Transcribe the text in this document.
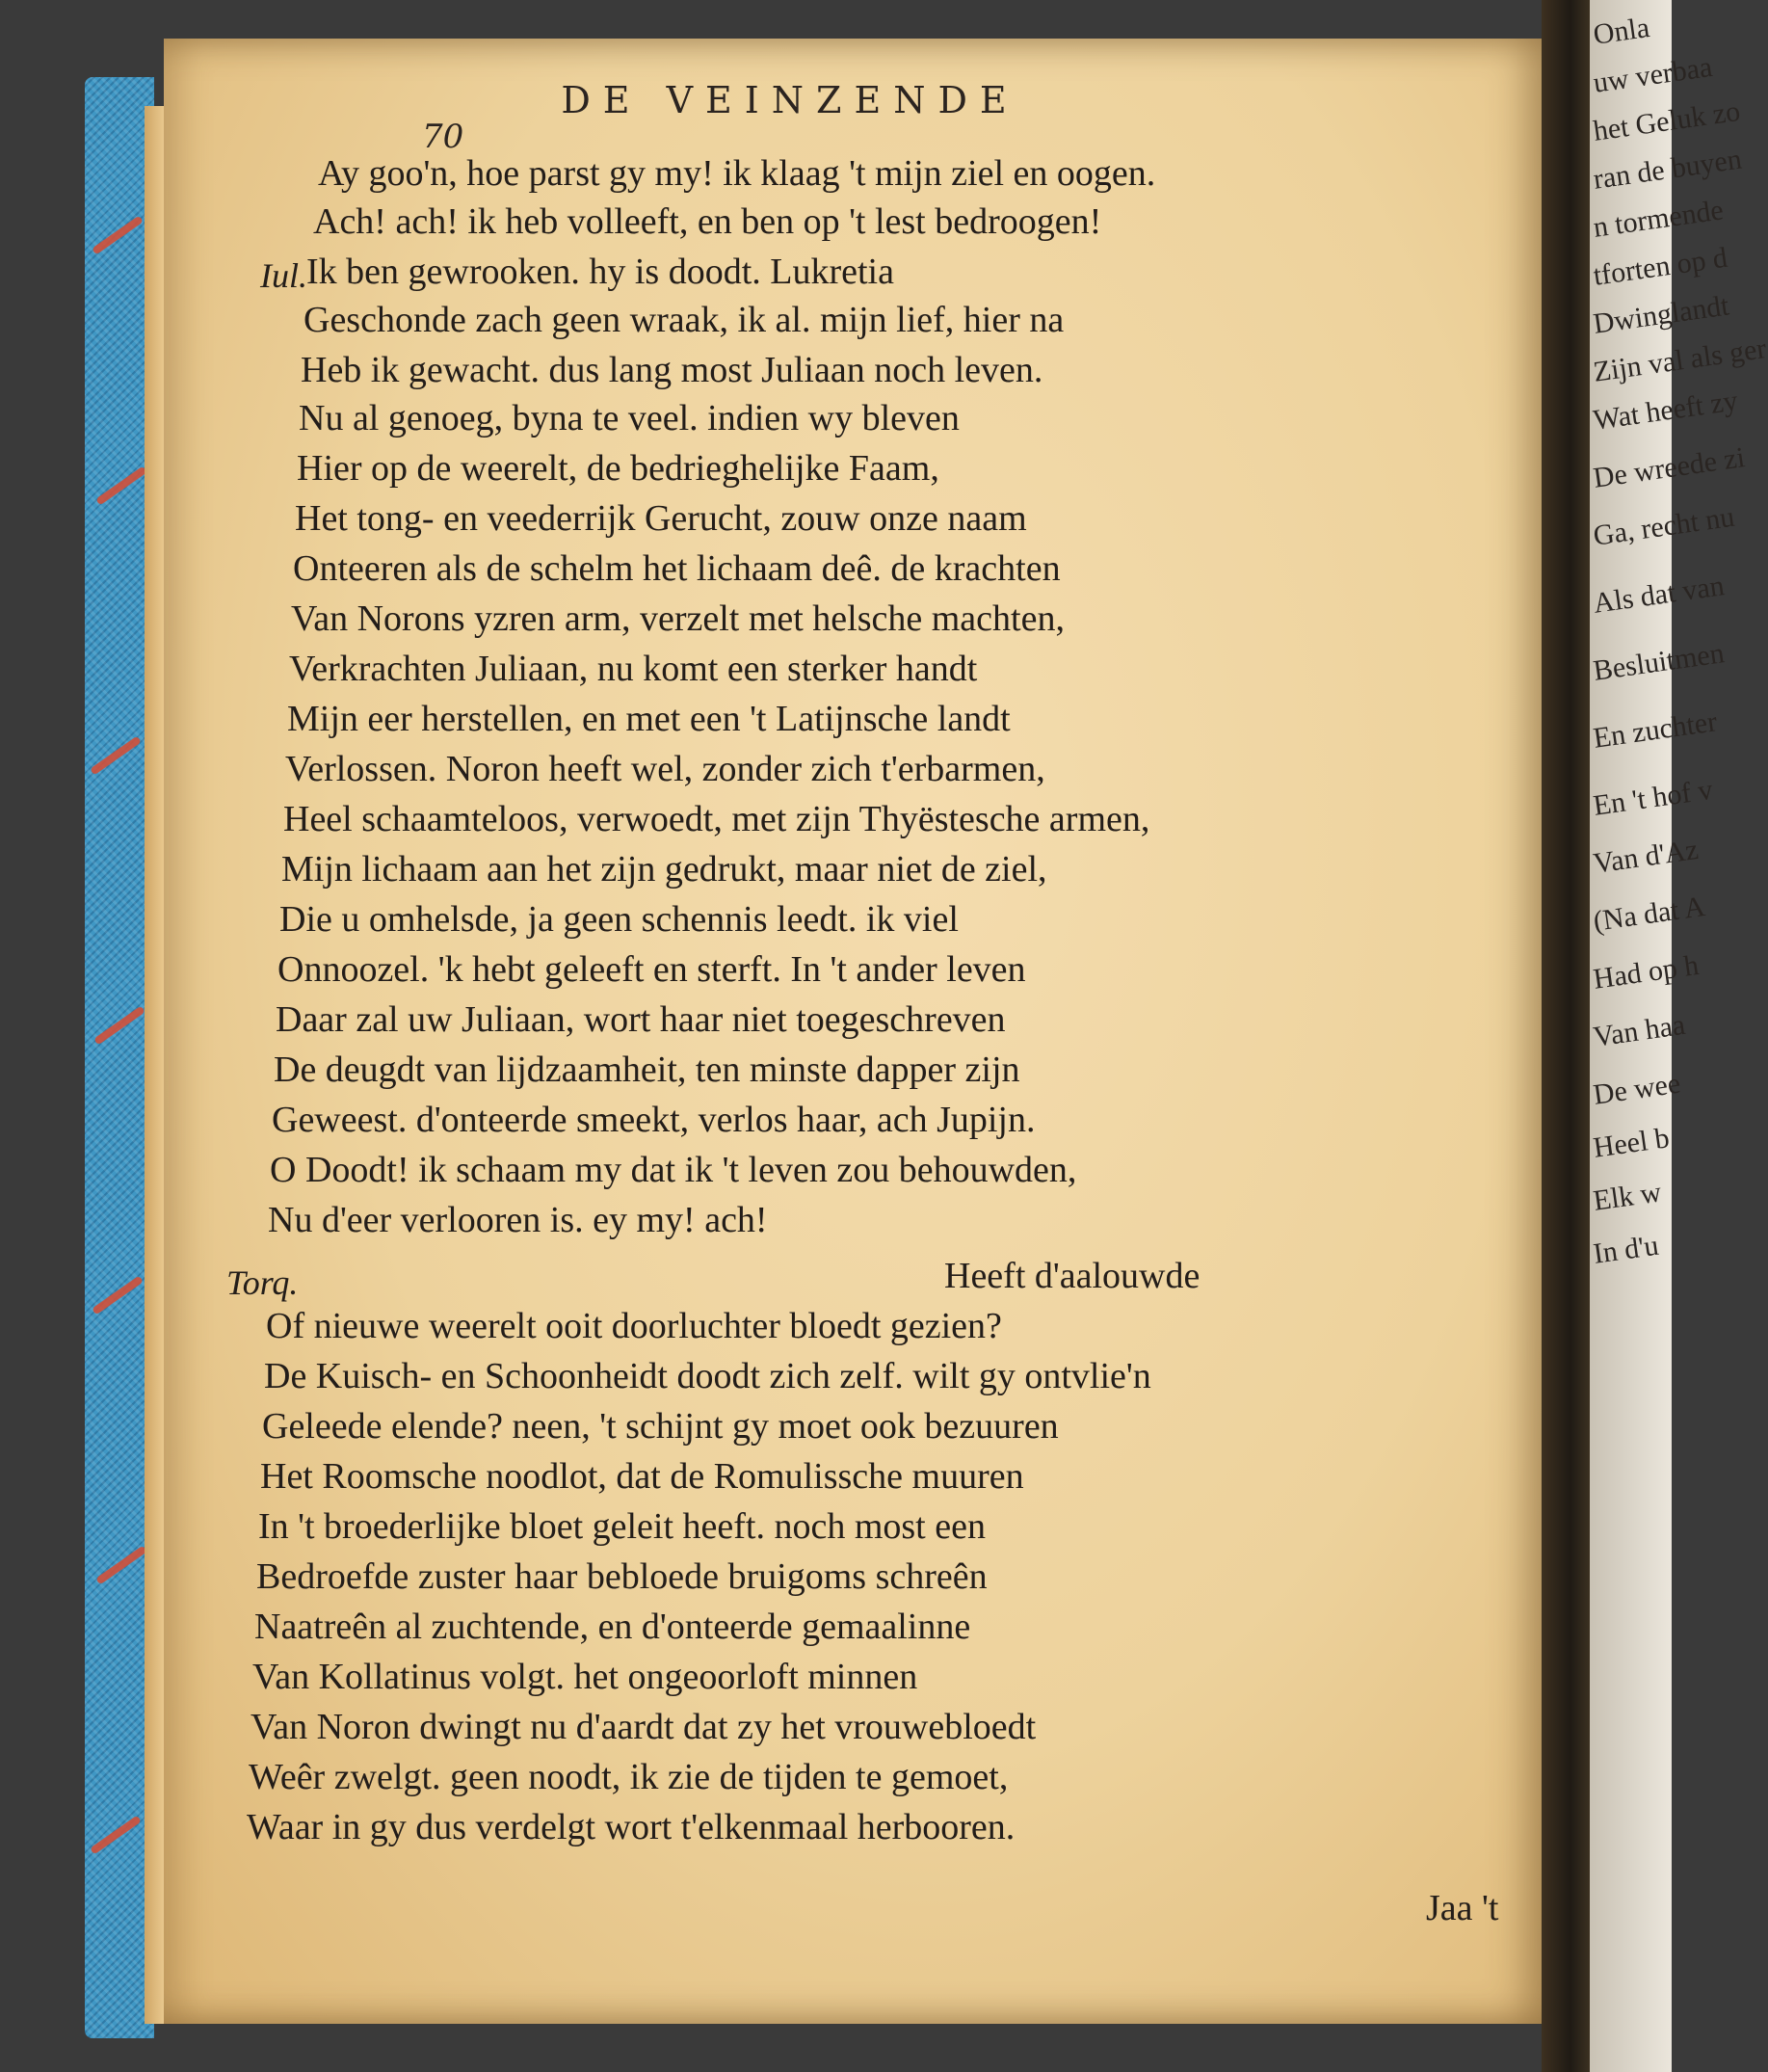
DE VEINZENDE
70
Iul.
Torq.
Ay goo'n, hoe parst gy my! ik klaag 't mijn ziel en oogen.
Ach! ach! ik heb volleeft, en ben op 't lest bedroogen!
Ik ben gewrooken. hy is doodt. Lukretia
Geschonde zach geen wraak, ik al. mijn lief, hier na
Heb ik gewacht. dus lang most Juliaan noch leven.
Nu al genoeg, byna te veel. indien wy bleven
Hier op de weerelt, de bedrieghelijke Faam,
Het tong- en veederrijk Gerucht, zouw onze naam
Onteeren als de schelm het lichaam deê. de krachten
Van Norons yzren arm, verzelt met helsche machten,
Verkrachten Juliaan, nu komt een sterker handt
Mijn eer herstellen, en met een 't Latijnsche landt
Verlossen. Noron heeft wel, zonder zich t'erbarmen,
Heel schaamteloos, verwoedt, met zijn Thyëstesche armen,
Mijn lichaam aan het zijn gedrukt, maar niet de ziel,
Die u omhelsde, ja geen schennis leedt. ik viel
Onnoozel. 'k hebt geleeft en sterft. In 't ander leven
Daar zal uw Juliaan, wort haar niet toegeschreven
De deugdt van lijdzaamheit, ten minste dapper zijn
Geweest. d'onteerde smeekt, verlos haar, ach Jupijn.
O Doodt! ik schaam my dat ik 't leven zou behouwden,
Nu d'eer verlooren is. ey my! ach!
Heeft d'aalouwde
Of nieuwe weerelt ooit doorluchter bloedt gezien?
De Kuisch- en Schoonheidt doodt zich zelf. wilt gy ontvlie'n
Geleede elende? neen, 't schijnt gy moet ook bezuuren
Het Roomsche noodlot, dat de Romulissche muuren
In 't broederlijke bloet geleit heeft. noch most een
Bedroefde zuster haar bebloede bruigoms schreên
Naatreên al zuchtende, en d'onteerde gemaalinne
Van Kollatinus volgt. het ongeoorloft minnen
Van Noron dwingt nu d'aardt dat zy het vrouwebloedt
Weêr zwelgt. geen noodt, ik zie de tijden te gemoet,
Waar in gy dus verdelgt wort t'elkenmaal herbooren.
Jaa 't
Onla
uw verbaa
het Geluk zo
ran de buyen
n tormende
tforten op d
Dwinglandt
Zijn val als ger
Wat heeft zy
De wreede zi
Ga, recht nu
Als dat van
Besluitmen
En zuchter
En 't hof v
Van d'Az
(Na dat A
Had op h
Van haa
De wee
Heel b
Elk w
In d'u
